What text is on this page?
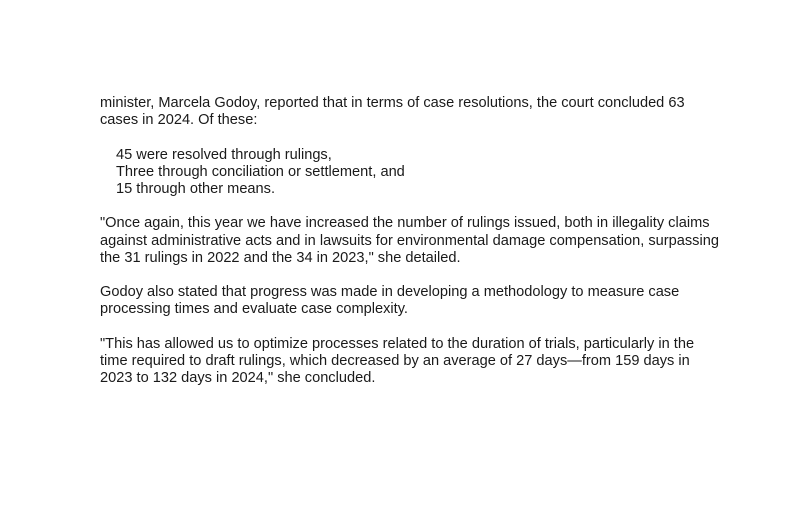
minister, Marcela Godoy, reported that in terms of case resolutions, the court concluded 63 cases in 2024. Of these:

45 were resolved through rulings,
Three through conciliation or settlement, and
15 through other means.

"Once again, this year we have increased the number of rulings issued, both in illegality claims against administrative acts and in lawsuits for environmental damage compensation, surpassing the 31 rulings in 2022 and the 34 in 2023," she detailed.

Godoy also stated that progress was made in developing a methodology to measure case processing times and evaluate case complexity.

"This has allowed us to optimize processes related to the duration of trials, particularly in the time required to draft rulings, which decreased by an average of 27 days—from 159 days in 2023 to 132 days in 2024," she concluded.
